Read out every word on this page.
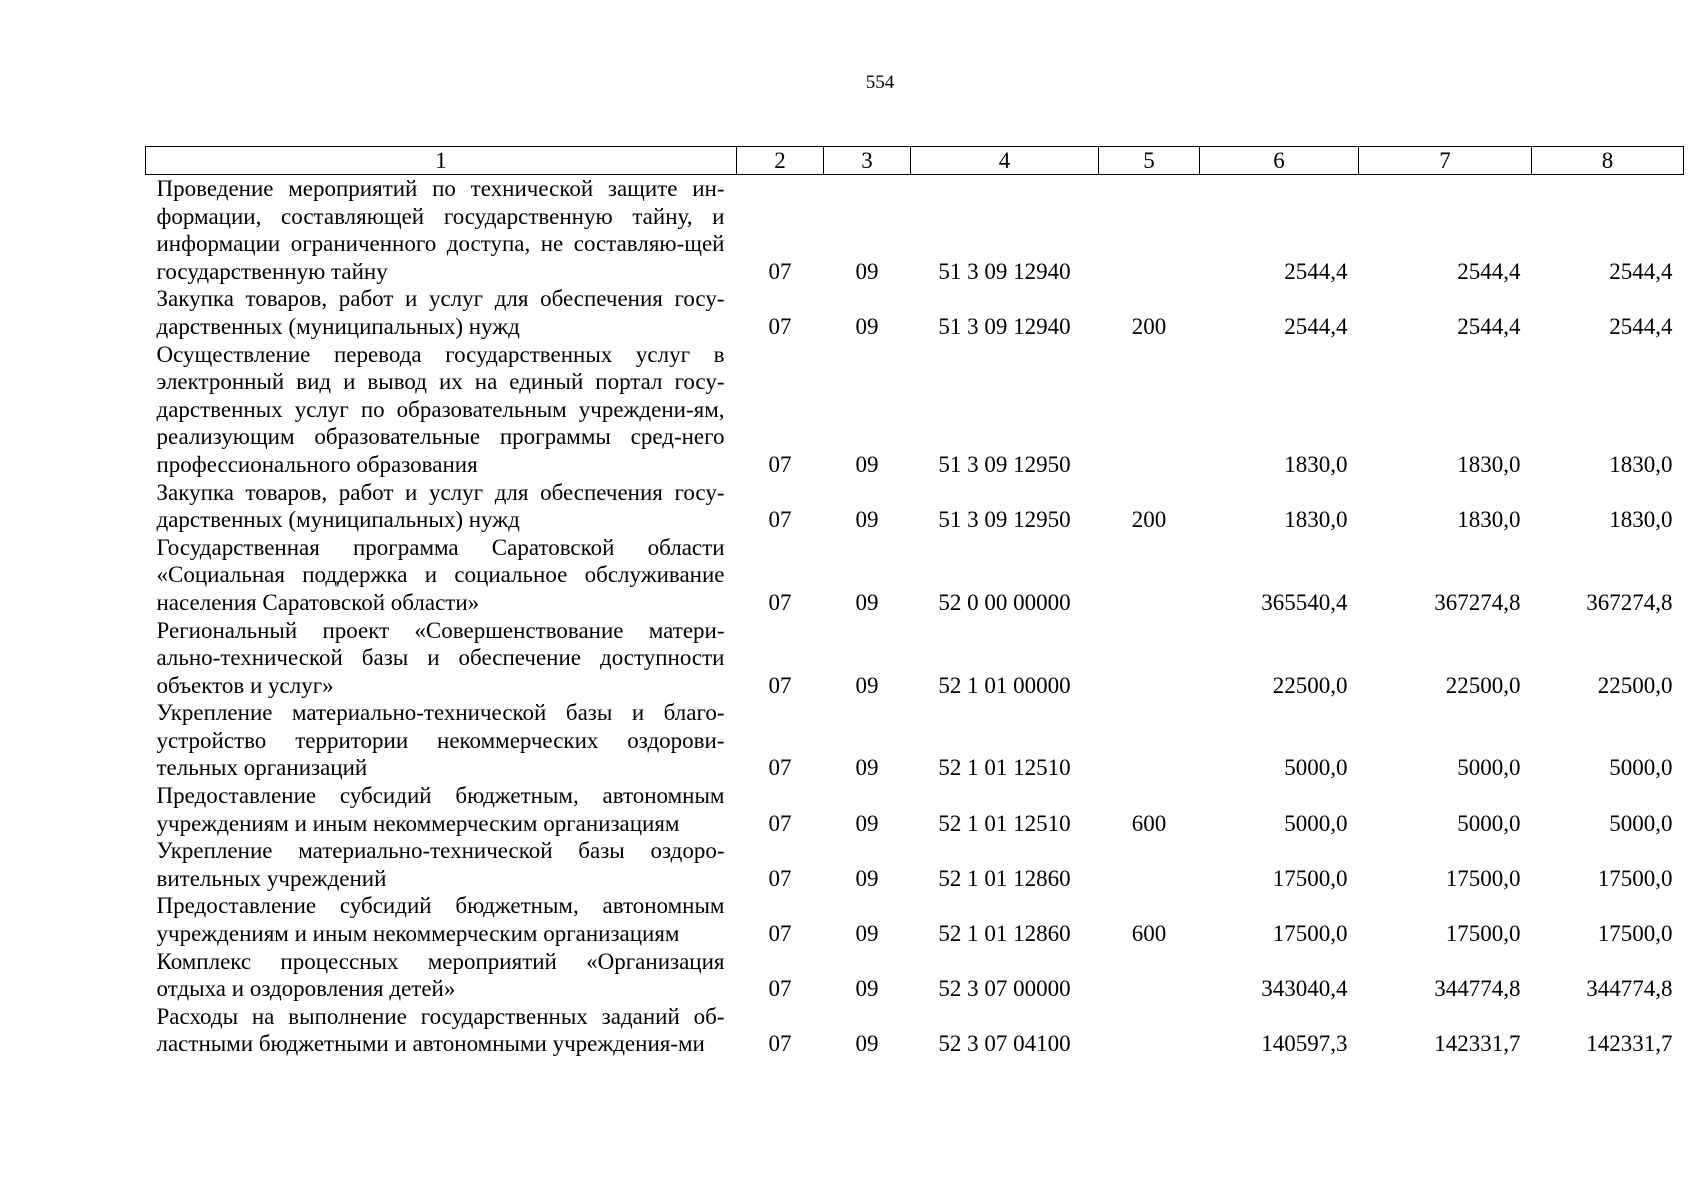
554
1	2	3	4	5	6	7	8
Проведение мероприятий по технической защите ин-формации, составляющей государственную тайну, и информации ограниченного доступа, не составляю-щей государственную тайну	07	09	51 3 09 12940		2544,4	2544,4	2544,4
Закупка товаров, работ и услуг для обеспечения госу-дарственных (муниципальных) нужд	07	09	51 3 09 12940	200	2544,4	2544,4	2544,4
Осуществление перевода государственных услуг в электронный вид и вывод их на единый портал госу-дарственных услуг по образовательным учреждени-ям, реализующим образовательные программы сред-него профессионального образования	07	09	51 3 09 12950		1830,0	1830,0	1830,0
Закупка товаров, работ и услуг для обеспечения госу-дарственных (муниципальных) нужд	07	09	51 3 09 12950	200	1830,0	1830,0	1830,0
Государственная программа Саратовской области «Социальная поддержка и социальное обслуживание населения Саратовской области»	07	09	52 0 00 00000		365540,4	367274,8	367274,8
Региональный проект «Совершенствование матери-ально-технической базы и обеспечение доступности объектов и услуг»	07	09	52 1 01 00000		22500,0	22500,0	22500,0
Укрепление материально-технической базы и благо-устройство территории некоммерческих оздорови-тельных организаций	07	09	52 1 01 12510		5000,0	5000,0	5000,0
Предоставление субсидий бюджетным, автономным учреждениям и иным некоммерческим организациям	07	09	52 1 01 12510	600	5000,0	5000,0	5000,0
Укрепление материально-технической базы оздоро-вительных учреждений	07	09	52 1 01 12860		17500,0	17500,0	17500,0
Предоставление субсидий бюджетным, автономным учреждениям и иным некоммерческим организациям	07	09	52 1 01 12860	600	17500,0	17500,0	17500,0
Комплекс процессных мероприятий «Организация отдыха и оздоровления детей»	07	09	52 3 07 00000		343040,4	344774,8	344774,8
Расходы на выполнение государственных заданий об-ластными бюджетными и автономными учреждения-ми	07	09	52 3 07 04100		140597,3	142331,7	142331,7
